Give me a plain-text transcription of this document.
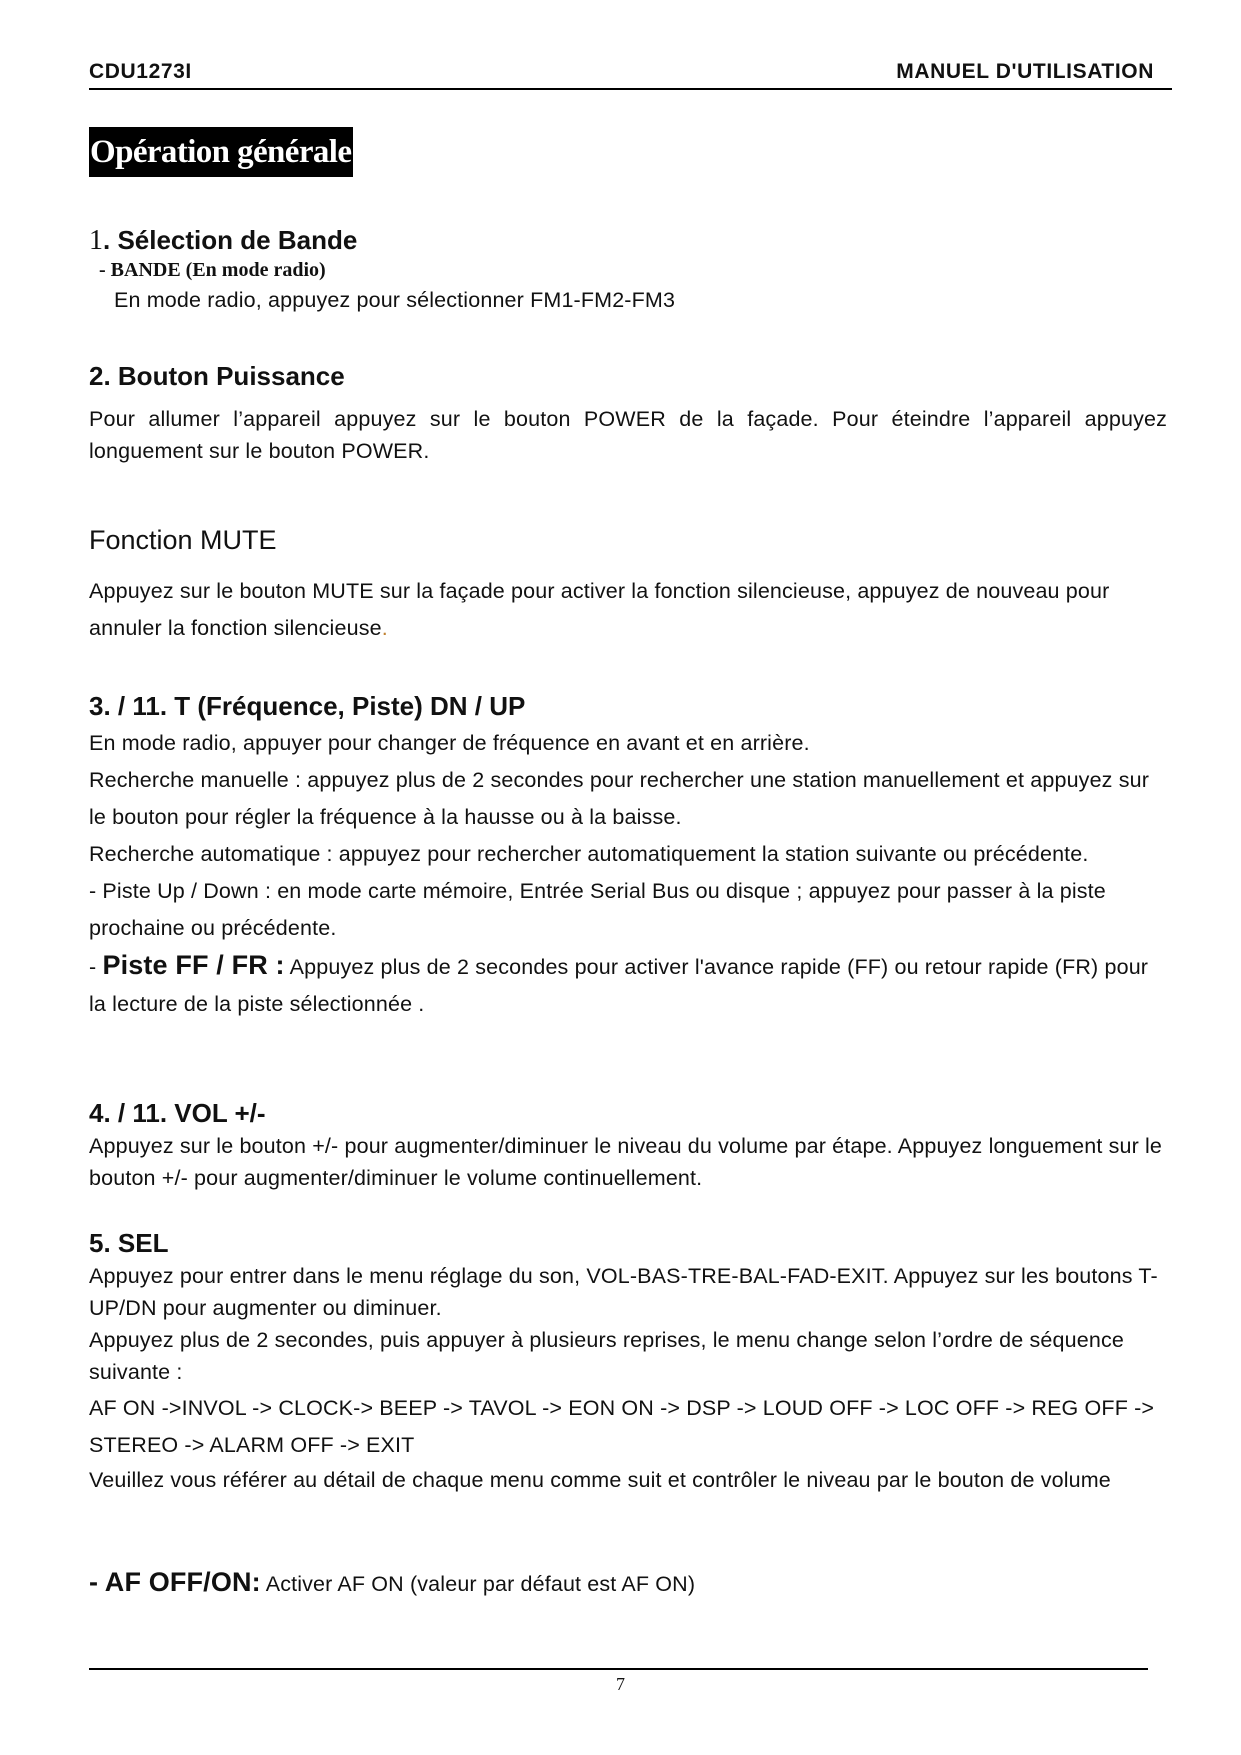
CDU1273I	MANUEL D'UTILISATION
Opération générale
1. Sélection de Bande
- BANDE (En mode radio)
En mode radio, appuyez pour sélectionner FM1-FM2-FM3
2. Bouton Puissance
Pour allumer l’appareil appuyez sur le bouton POWER de la façade. Pour éteindre l’appareil appuyez longuement sur le bouton POWER.
Fonction MUTE
Appuyez sur le bouton MUTE sur la façade pour activer la fonction silencieuse, appuyez de nouveau pour annuler la fonction silencieuse.
3. / 11. T (Fréquence, Piste) DN / UP
En mode radio, appuyer pour changer de fréquence en avant et en arrière.
Recherche manuelle : appuyez plus de 2 secondes pour rechercher une station manuellement et appuyez sur le bouton pour régler la fréquence à la hausse ou à la baisse.
Recherche automatique : appuyez pour rechercher automatiquement la station suivante ou précédente.
- Piste Up / Down : en mode carte mémoire, Entrée Serial Bus ou disque ; appuyez pour passer à la piste prochaine ou précédente.
- Piste FF / FR : Appuyez plus de 2 secondes pour activer l'avance rapide (FF) ou retour rapide (FR) pour la lecture de la piste sélectionnée .
4. / 11. VOL +/-
Appuyez sur le bouton +/- pour augmenter/diminuer le niveau du volume par étape. Appuyez longuement sur le bouton +/- pour augmenter/diminuer le volume continuellement.
5. SEL
Appuyez pour entrer dans le menu réglage du son, VOL-BAS-TRE-BAL-FAD-EXIT. Appuyez sur les boutons T-UP/DN pour augmenter ou diminuer.
Appuyez plus de 2 secondes, puis appuyer à plusieurs reprises, le menu change selon l’ordre de séquence suivante :
AF ON ->INVOL -> CLOCK-> BEEP -> TAVOL -> EON ON -> DSP -> LOUD OFF -> LOC OFF -> REG OFF -> STEREO -> ALARM OFF -> EXIT
Veuillez vous référer au détail de chaque menu comme suit et contrôler le niveau par le bouton de volume
- AF OFF/ON: Activer AF ON (valeur par défaut est AF ON)
7
